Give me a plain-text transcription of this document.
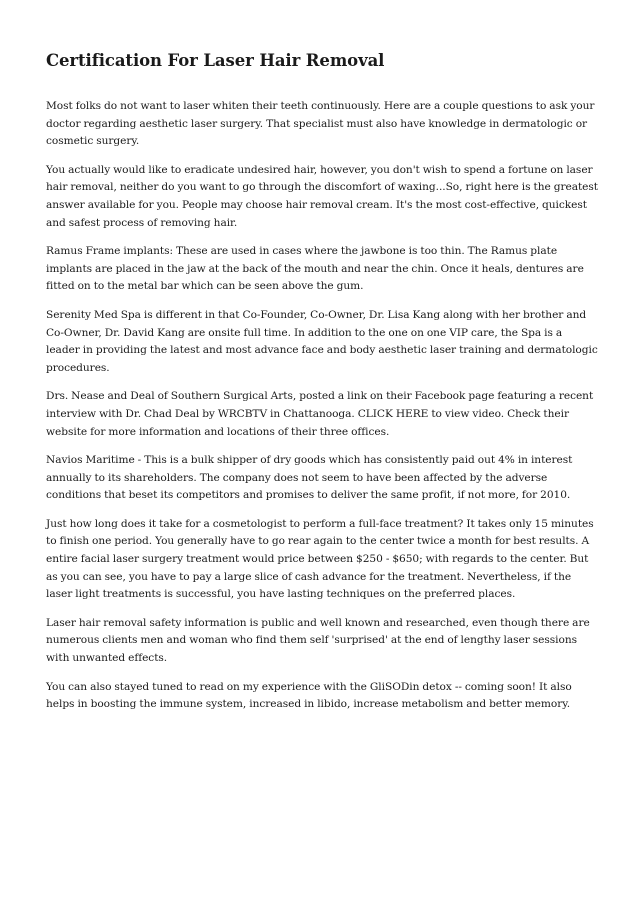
Certification For Laser Hair Removal

Most folks do not want to laser whiten their teeth continuously. Here are a couple questions to ask your doctor regarding aesthetic laser surgery. That specialist must also have knowledge in dermatologic or cosmetic surgery.

You actually would like to eradicate undesired hair, however, you don't wish to spend a fortune on laser hair removal, neither do you want to go through the discomfort of waxing...So, right here is the greatest answer available for you. People may choose hair removal cream. It's the most cost-effective, quickest and safest process of removing hair.

Ramus Frame implants: These are used in cases where the jawbone is too thin. The Ramus plate implants are placed in the jaw at the back of the mouth and near the chin. Once it heals, dentures are fitted on to the metal bar which can be seen above the gum.

Serenity Med Spa is different in that Co-Founder, Co-Owner, Dr. Lisa Kang along with her brother and Co-Owner, Dr. David Kang are onsite full time. In addition to the one on one VIP care, the Spa is a leader in providing the latest and most advance face and body aesthetic laser training and dermatologic procedures.

Drs. Nease and Deal of Southern Surgical Arts, posted a link on their Facebook page featuring a recent interview with Dr. Chad Deal by WRCBTV in Chattanooga. CLICK HERE to view video. Check their website for more information and locations of their three offices.

Navios Maritime - This is a bulk shipper of dry goods which has consistently paid out 4% in interest annually to its shareholders. The company does not seem to have been affected by the adverse conditions that beset its competitors and promises to deliver the same profit, if not more, for 2010.

Just how long does it take for a cosmetologist to perform a full-face treatment? It takes only 15 minutes to finish one period. You generally have to go rear again to the center twice a month for best results. A entire facial laser surgery treatment would price between $250 - $650; with regards to the center. But as you can see, you have to pay a large slice of cash advance for the treatment. Nevertheless, if the laser light treatments is successful, you have lasting techniques on the preferred places.

Laser hair removal safety information is public and well known and researched, even though there are numerous clients men and woman who find them self 'surprised' at the end of lengthy laser sessions with unwanted effects.

You can also stayed tuned to read on my experience with the GliSODin detox -- coming soon! It also helps in boosting the immune system, increased in libido, increase metabolism and better memory.
